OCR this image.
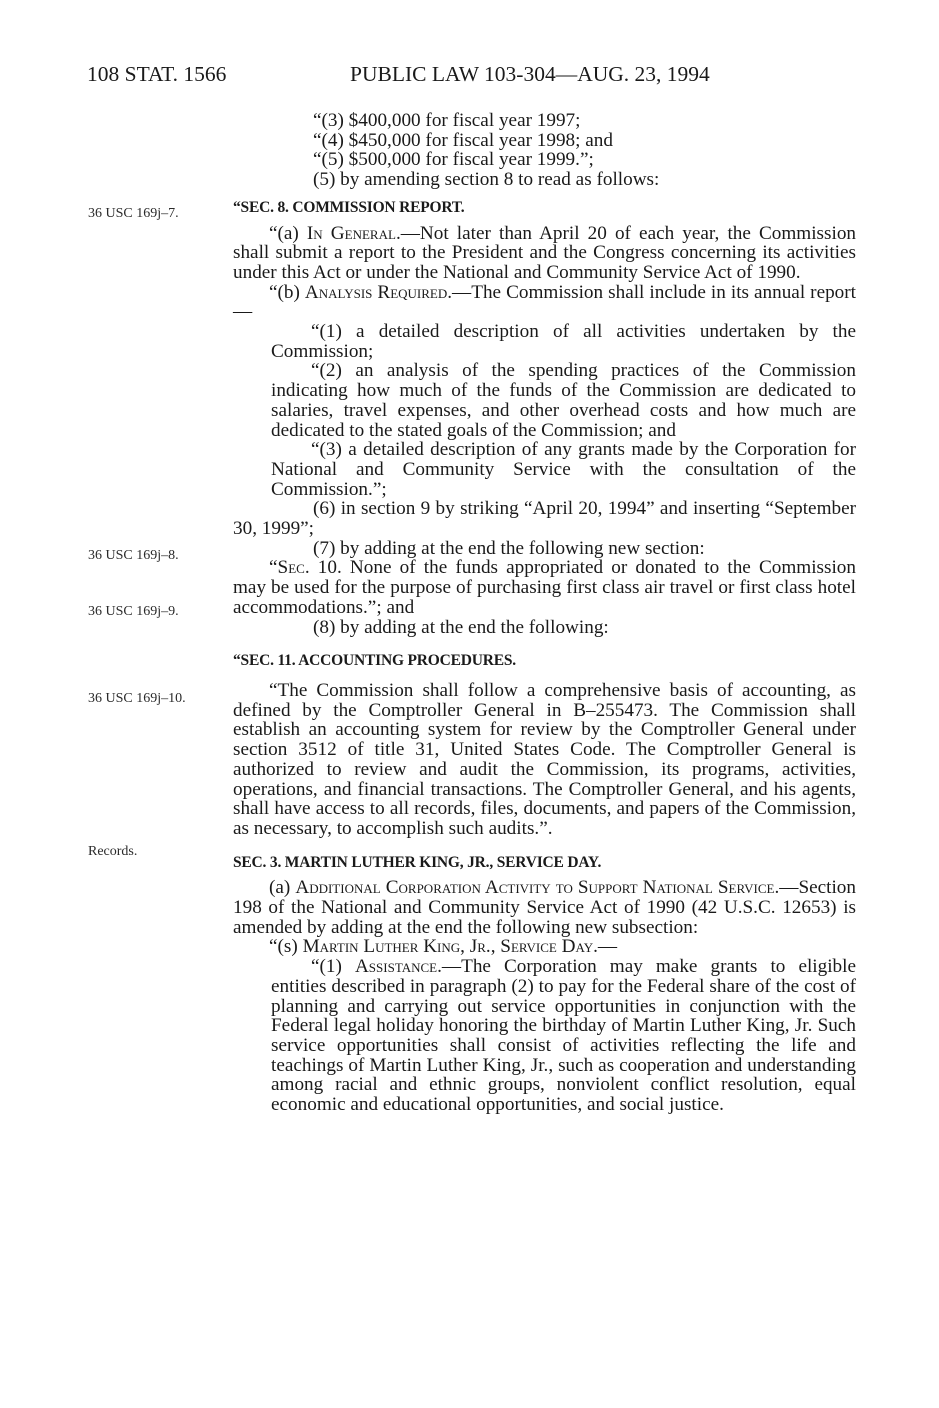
108 STAT. 1566	PUBLIC LAW 103-304—AUG. 23, 1994
36 USC 169j–7.
36 USC 169j–8.
36 USC 169j–9.
36 USC 169j–10.
Records.

“(3) $400,000 for fiscal year 1997;

“(4) $450,000 for fiscal year 1998; and

“(5) $500,000 for fiscal year 1999.”;

(5) by amending section 8 to read as follows:

“SEC. 8. COMMISSION REPORT.

“(a) In General.—Not later than April 20 of each year, the Commission shall submit a report to the President and the Congress concerning its activities under this Act or under the National and Community Service Act of 1990.

“(b) Analysis Required.—The Commission shall include in its annual report—

“(1) a detailed description of all activities undertaken by the Commission;

“(2) an analysis of the spending practices of the Commission indicating how much of the funds of the Commission are dedicated to salaries, travel expenses, and other overhead costs and how much are dedicated to the stated goals of the Commission; and

“(3) a detailed description of any grants made by the Corporation for National and Community Service with the consultation of the Commission.”;

(6) in section 9 by striking “April 20, 1994” and inserting “September 30, 1999”;

(7) by adding at the end the following new section:

“Sec. 10. None of the funds appropriated or donated to the Commission may be used for the purpose of purchasing first class air travel or first class hotel accommodations.”; and

(8) by adding at the end the following:

“SEC. 11. ACCOUNTING PROCEDURES.

“The Commission shall follow a comprehensive basis of accounting, as defined by the Comptroller General in B–255473. The Commission shall establish an accounting system for review by the Comptroller General under section 3512 of title 31, United States Code. The Comptroller General is authorized to review and audit the Commission, its programs, activities, operations, and financial transactions. The Comptroller General, and his agents, shall have access to all records, files, documents, and papers of the Commission, as necessary, to accomplish such audits.”.

SEC. 3. MARTIN LUTHER KING, JR., SERVICE DAY.

(a) Additional Corporation Activity to Support National Service.—Section 198 of the National and Community Service Act of 1990 (42 U.S.C. 12653) is amended by adding at the end the following new subsection:

“(s) Martin Luther King, Jr., Service Day.—

“(1) Assistance.—The Corporation may make grants to eligible entities described in paragraph (2) to pay for the Federal share of the cost of planning and carrying out service opportunities in conjunction with the Federal legal holiday honoring the birthday of Martin Luther King, Jr. Such service opportunities shall consist of activities reflecting the life and teachings of Martin Luther King, Jr., such as cooperation and understanding among racial and ethnic groups, nonviolent conflict resolution, equal economic and educational opportunities, and social justice.
